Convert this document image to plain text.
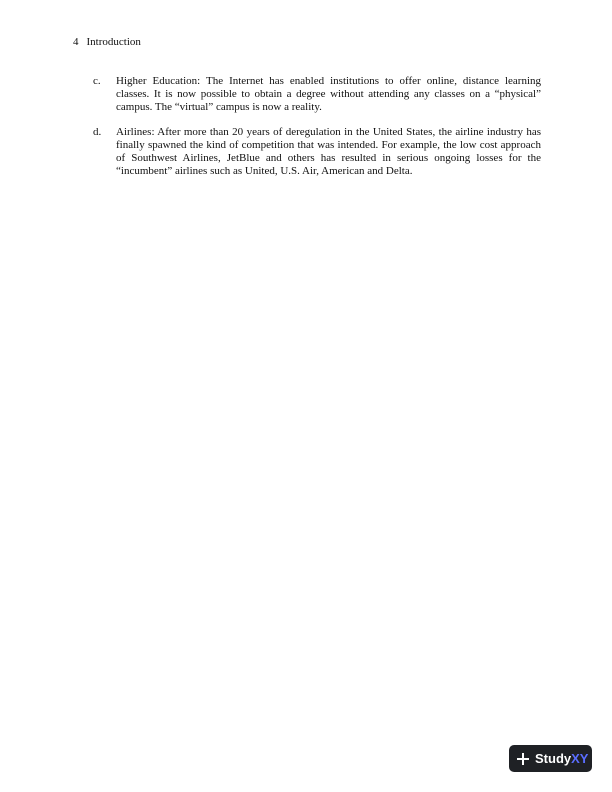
4 Introduction
c. Higher Education: The Internet has enabled institutions to offer online, distance learning classes. It is now possible to obtain a degree without attending any classes on a “physical” campus. The “virtual” campus is now a reality.
d. Airlines: After more than 20 years of deregulation in the United States, the airline industry has finally spawned the kind of competition that was intended. For example, the low cost approach of Southwest Airlines, JetBlue and others has resulted in serious ongoing losses for the “incumbent” airlines such as United, U.S. Air, American and Delta.
Study XY
